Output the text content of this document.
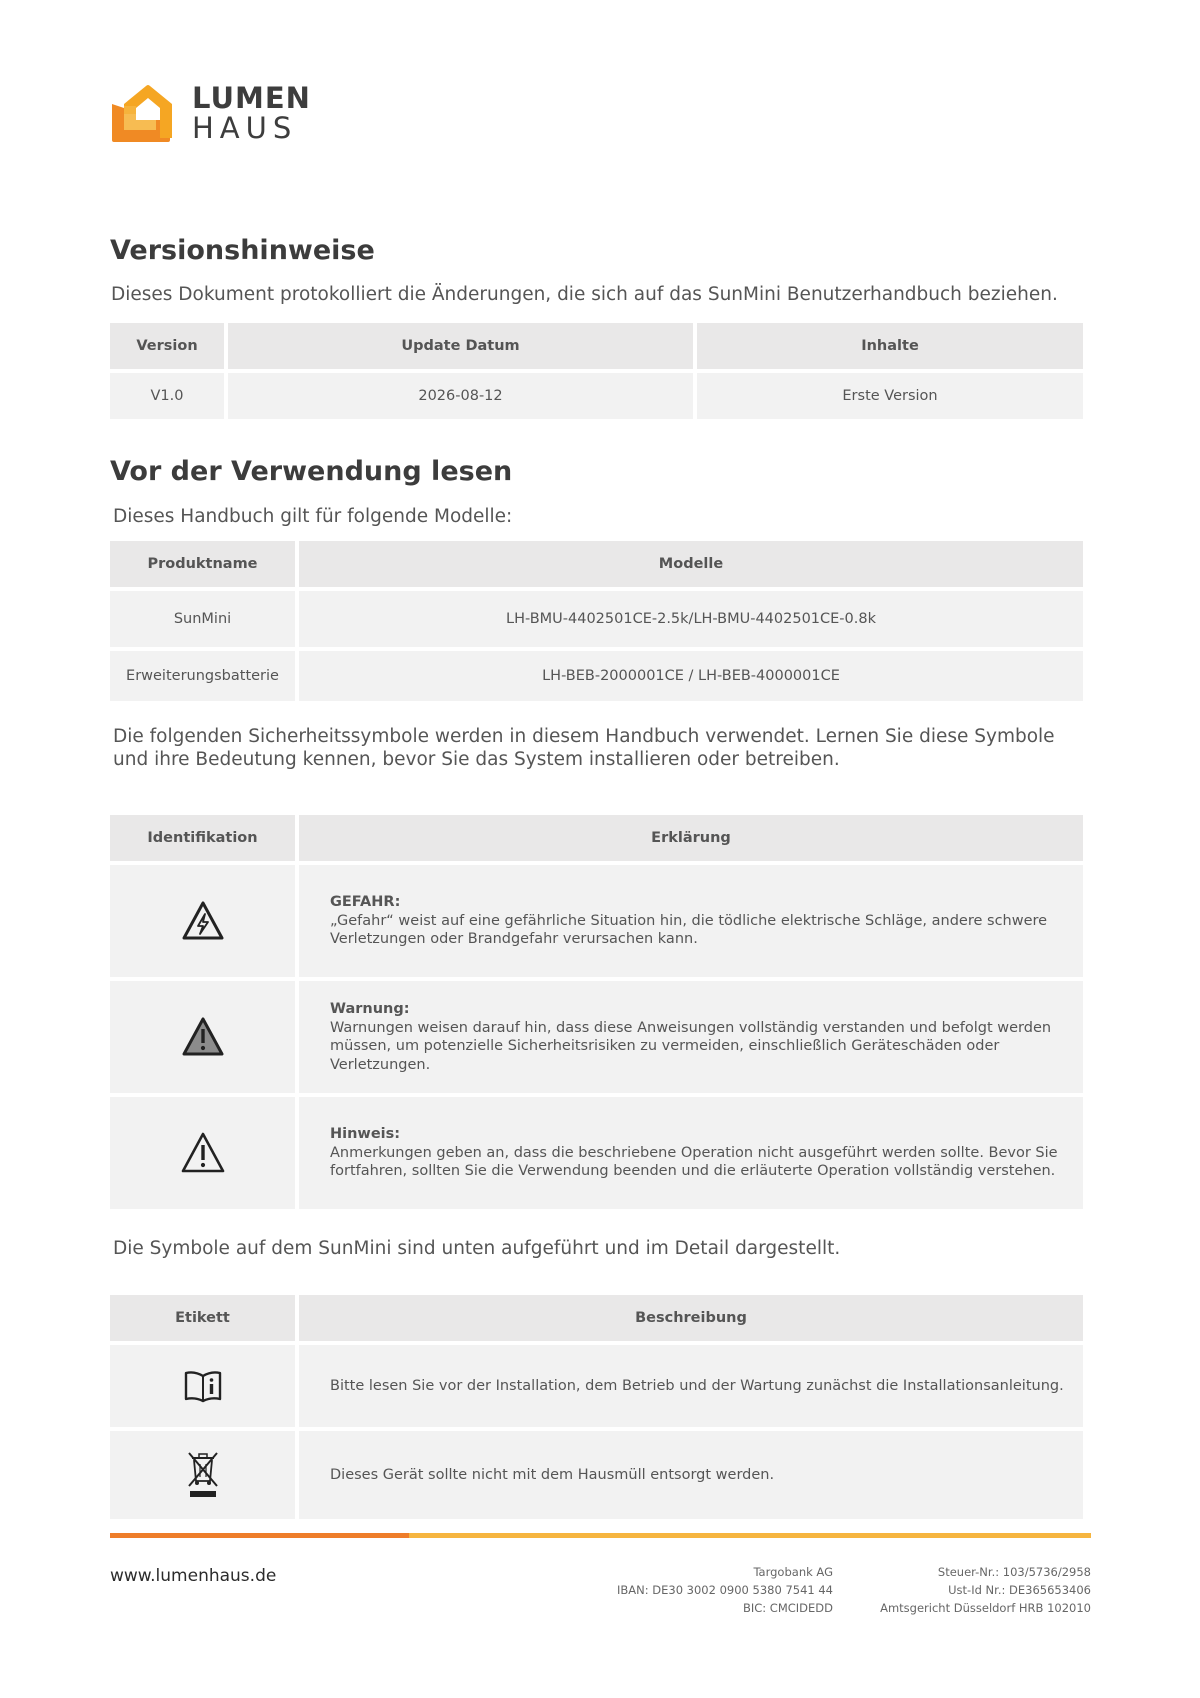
LUMEN
HAUS
Versionshinweise

Dieses Dokument protokolliert die Änderungen, die sich auf das SunMini Benutzerhandbuch beziehen.

Version	Update Datum	Inhalte
V1.0	2026-08-12	Erste Version
Vor der Verwendung lesen

Dieses Handbuch gilt für folgende Modelle:

Produktname	Modelle
SunMini	LH-BMU-4402501CE-2.5k/LH-BMU-4402501CE-0.8k
Erweiterungsbatterie	LH-BEB-2000001CE / LH-BEB-4000001CE

Die folgenden Sicherheitssymbole werden in diesem Handbuch verwendet. Lernen Sie diese Symbole und ihre Bedeutung kennen, bevor Sie das System installieren oder betreiben.

Identifikation	Erklärung

GEFAHR:
„Gefahr“ weist auf eine gefährliche Situation hin, die tödliche elektrische Schläge, andere schwere Verletzungen oder Brandgefahr verursachen kann.

Warnung:
Warnungen weisen darauf hin, dass diese Anweisungen vollständig verstanden und befolgt werden müssen, um potenzielle Sicherheitsrisiken zu vermeiden, einschließlich Geräteschäden oder Verletzungen.

Hinweis:
Anmerkungen geben an, dass die beschriebene Operation nicht ausgeführt werden sollte. Bevor Sie fortfahren, sollten Sie die Verwendung beenden und die erläuterte Operation vollständig verstehen.

Die Symbole auf dem SunMini sind unten aufgeführt und im Detail dargestellt.

Etikett	Beschreibung

	Bitte lesen Sie vor der Installation, dem Betrieb und der Wartung zunächst die Installationsanleitung.

	Dieses Gerät sollte nicht mit dem Hausmüll entsorgt werden.
www.lumenhaus.de	Targobank AG
IBAN: DE30 3002 0900 5380 7541 44
BIC: CMCIDEDD
Steuer-Nr.: 103/5736/2958
Ust-Id Nr.: DE365653406
Amtsgericht Düsseldorf HRB 102010
